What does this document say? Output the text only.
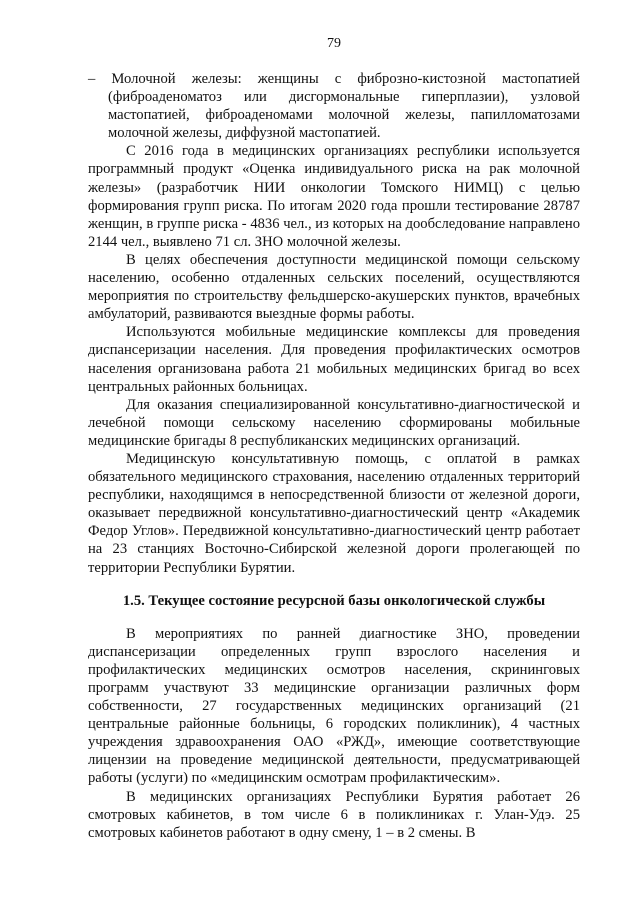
79

– Молочной железы: женщины с фиброзно-кистозной мастопатией (фиброаденоматоз или дисгормональные гиперплазии), узловой мастопатией, фиброаденомами молочной железы, папилломатозами молочной железы, диффузной мастопатией.

С 2016 года в медицинских организациях республики используется программный продукт «Оценка индивидуального риска на рак молочной железы» (разработчик НИИ онкологии Томского НИМЦ) с целью формирования групп риска. По итогам 2020 года прошли тестирование 28787 женщин, в группе риска - 4836 чел., из которых на дообследование направлено 2144 чел., выявлено 71 сл. ЗНО молочной железы.

В целях обеспечения доступности медицинской помощи сельскому населению, особенно отдаленных сельских поселений, осуществляются мероприятия по строительству фельдшерско-акушерских пунктов, врачебных амбулаторий, развиваются выездные формы работы.

Используются мобильные медицинские комплексы для проведения диспансеризации населения. Для проведения профилактических осмотров населения организована работа 21 мобильных медицинских бригад во всех центральных районных больницах.

Для оказания специализированной консультативно-диагностической и лечебной помощи сельскому населению сформированы мобильные медицинские бригады 8 республиканских медицинских организаций.

Медицинскую консультативную помощь, с оплатой в рамках обязательного медицинского страхования, населению отдаленных территорий республики, находящимся в непосредственной близости от железной дороги, оказывает передвижной консультативно-диагностический центр «Академик Федор Углов». Передвижной консультативно-диагностический центр работает на 23 станциях Восточно-Сибирской железной дороги пролегающей по территории Республики Бурятии.

1.5. Текущее состояние ресурсной базы онкологической службы

В мероприятиях по ранней диагностике ЗНО, проведении диспансеризации определенных групп взрослого населения и профилактических медицинских осмотров населения, скрининговых программ участвуют 33 медицинские организации различных форм собственности, 27 государственных медицинских организаций (21 центральные районные больницы, 6 городских поликлиник), 4 частных учреждения здравоохранения ОАО «РЖД», имеющие соответствующие лицензии на проведение медицинской деятельности, предусматривающей работы (услуги) по «медицинским осмотрам профилактическим».

В медицинских организациях Республики Бурятия работает 26 смотровых кабинетов, в том числе 6 в поликлиниках г. Улан-Удэ. 25 смотровых кабинетов работают в одну смену, 1 – в 2 смены. В
